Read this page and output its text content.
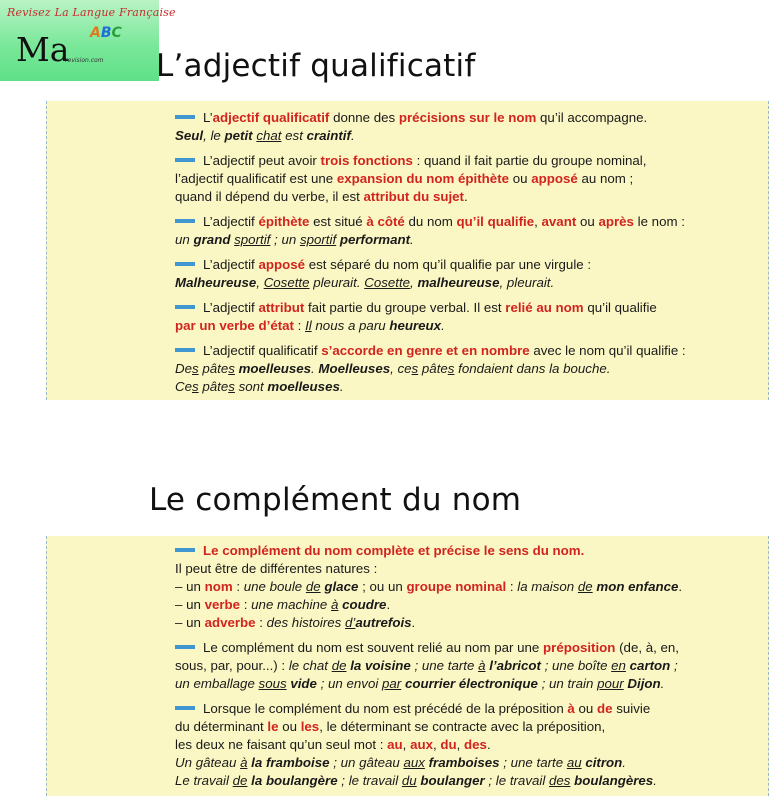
Revisez La Langue Française
Ma ABC
-revision.com L’adjectif qualificatif
L’adjectif qualificatif donne des précisions sur le nom qu’il accompagne.
Seul, le petit chat est craintif.
L’adjectif peut avoir trois fonctions : quand il fait partie du groupe nominal,
l’adjectif qualificatif est une expansion du nom épithète ou apposé au nom ;
quand il dépend du verbe, il est attribut du sujet.
L’adjectif épithète est situé à côté du nom qu’il qualifie, avant ou après le nom :
un grand sportif ; un sportif performant.
L’adjectif apposé est séparé du nom qu’il qualifie par une virgule :
Malheureuse, Cosette pleurait. Cosette, malheureuse, pleurait.
L’adjectif attribut fait partie du groupe verbal. Il est relié au nom qu’il qualifie
par un verbe d’état : Il nous a paru heureux.
L’adjectif qualificatif s’accorde en genre et en nombre avec le nom qu’il qualifie :
Des pâtes moelleuses. Moelleuses, ces pâtes fondaient dans la bouche.
Ces pâtes sont moelleuses.
Le complément du nom
Le complément du nom complète et précise le sens du nom.
Il peut être de différentes natures :
– un nom : une boule de glace ; ou un groupe nominal : la maison de mon enfance.
– un verbe : une machine à coudre.
– un adverbe : des histoires d’autrefois.
Le complément du nom est souvent relié au nom par une préposition (de, à, en,
sous, par, pour...) : le chat de la voisine ; une tarte à l’abricot ; une boîte en carton ;
un emballage sous vide ; un envoi par courrier électronique ; un train pour Dijon.
Lorsque le complément du nom est précédé de la préposition à ou de suivie
du déterminant le ou les, le déterminant se contracte avec la préposition,
les deux ne faisant qu’un seul mot : au, aux, du, des.
Un gâteau à la framboise ; un gâteau aux framboises ; une tarte au citron.
Le travail de la boulangère ; le travail du boulanger ; le travail des boulangères.
